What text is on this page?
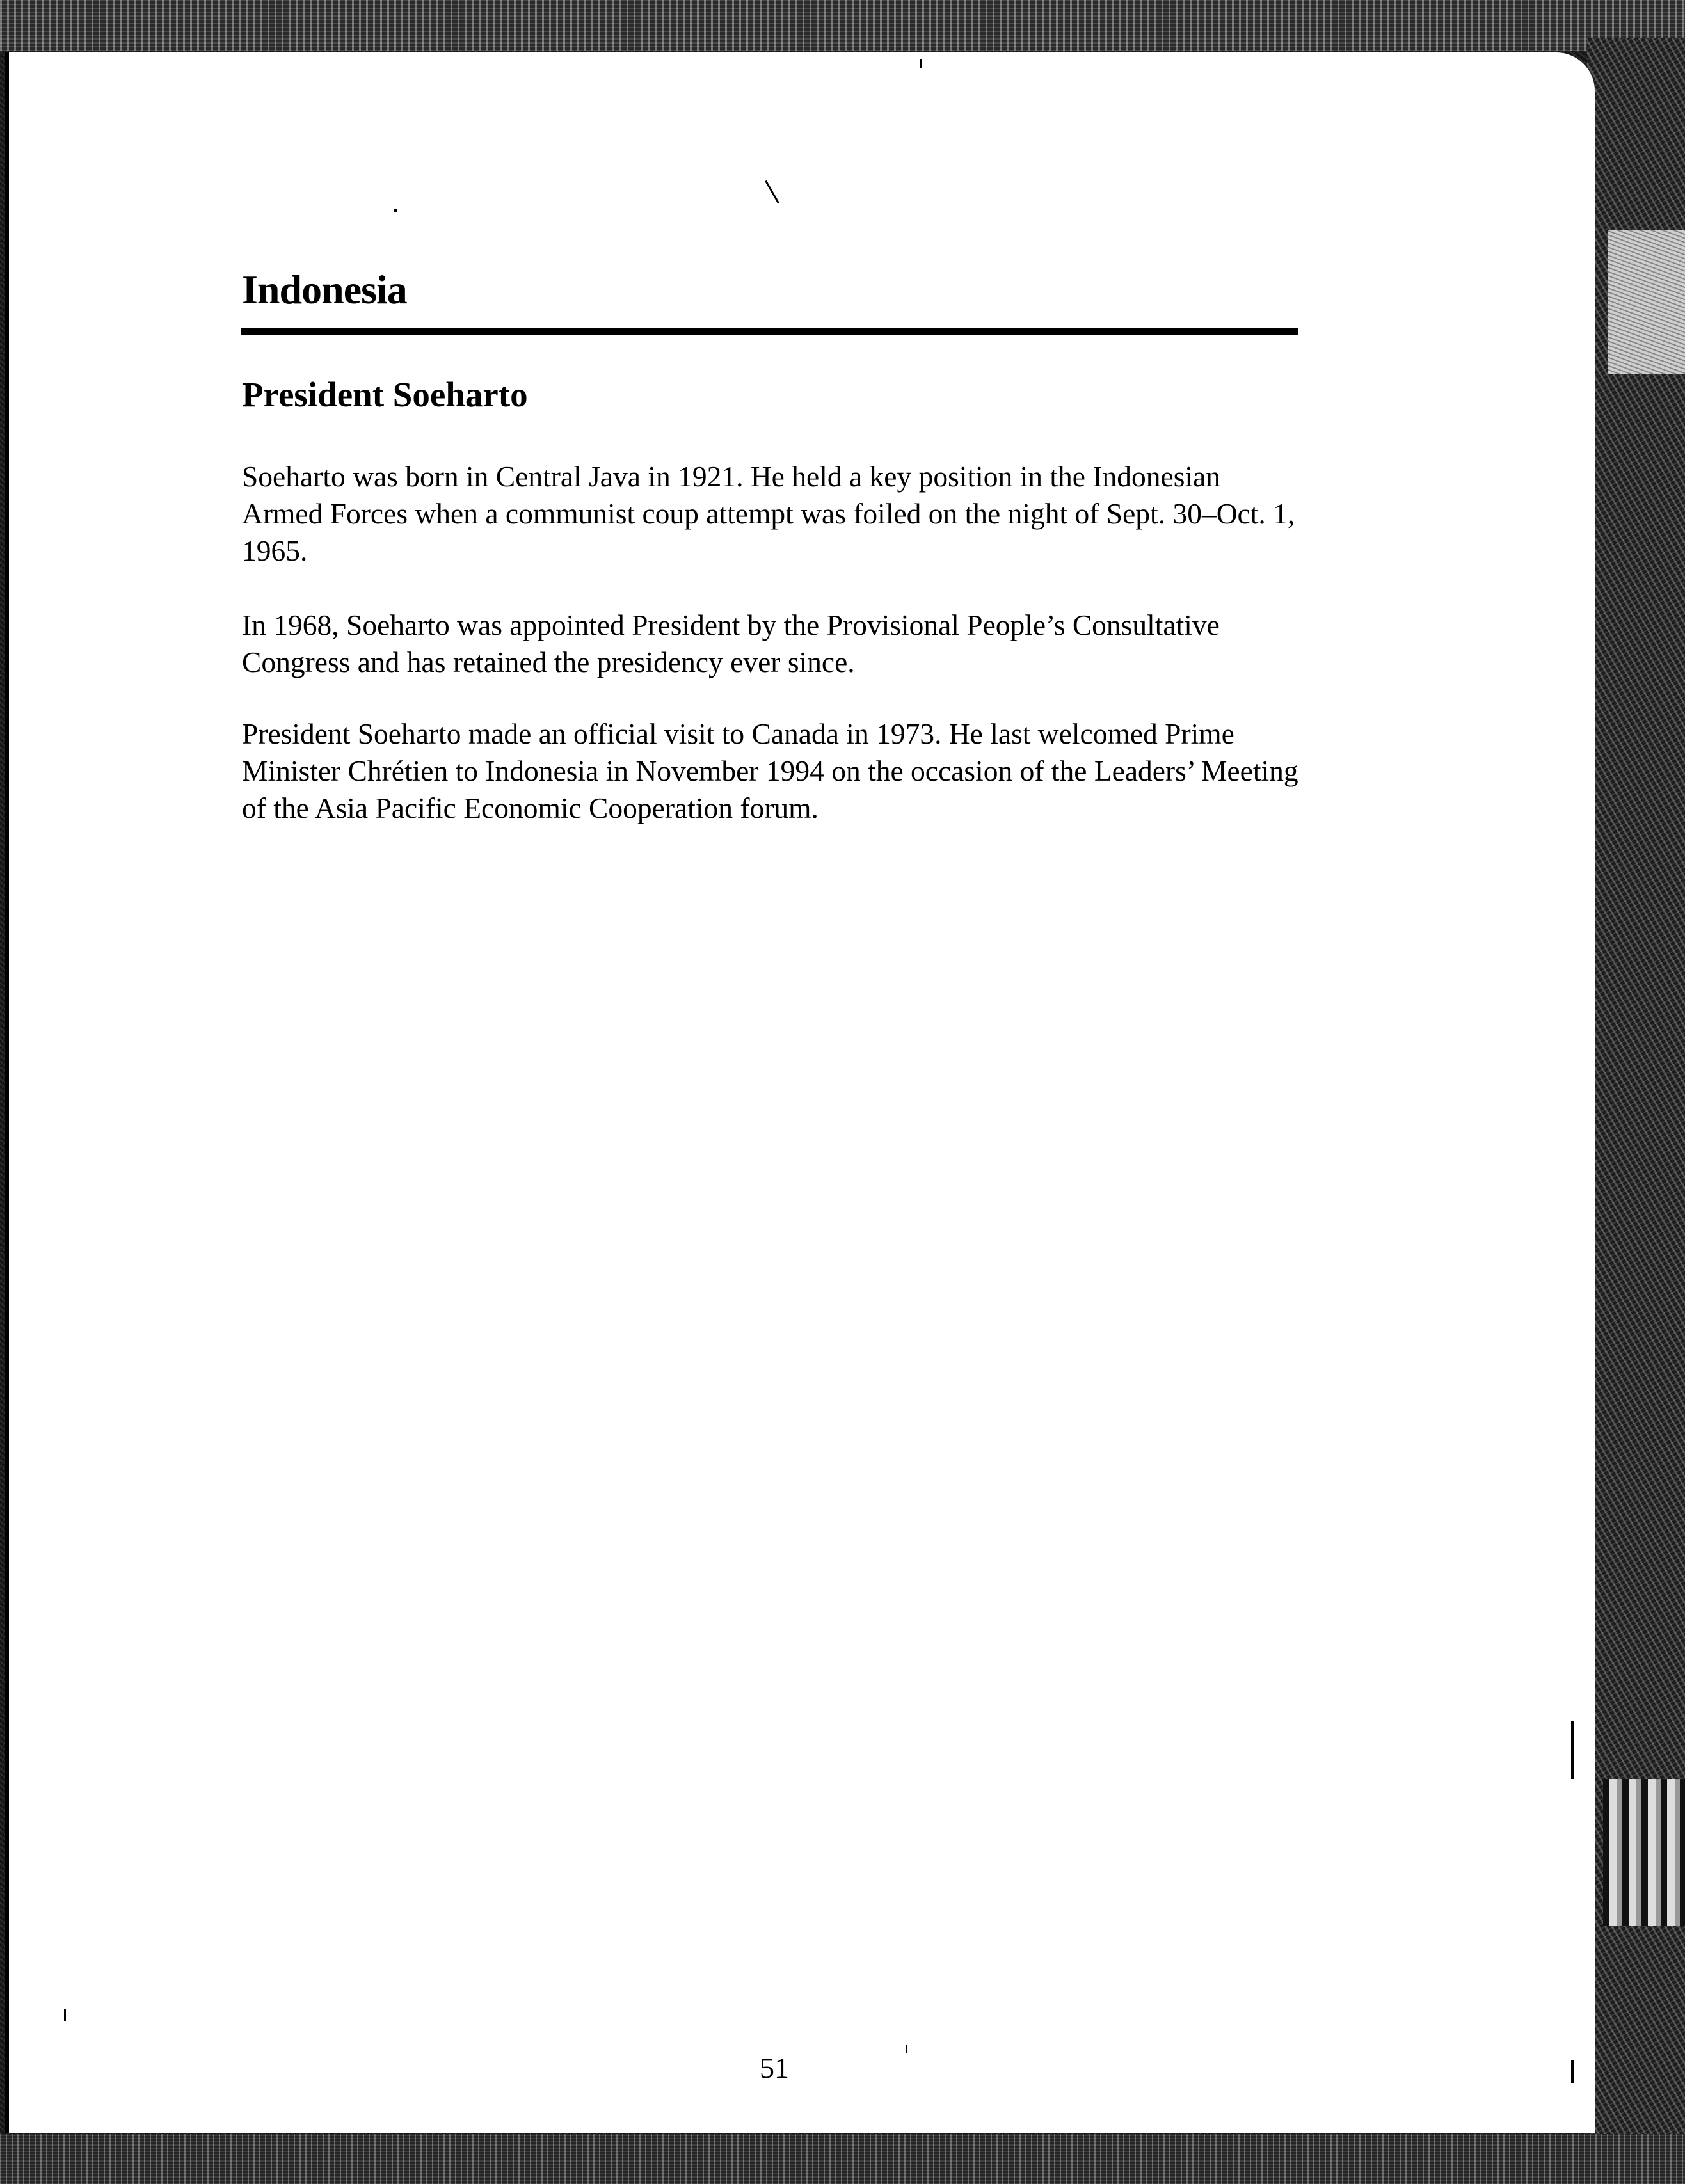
Indonesia
President Soeharto

Soeharto was born in Central Java in 1921. He held a key position in the Indonesian Armed Forces when a communist coup attempt was foiled on the night of Sept. 30–Oct. 1, 1965.

In 1968, Soeharto was appointed President by the Provisional People’s Consultative Congress and has retained the presidency ever since.

President Soeharto made an official visit to Canada in 1973. He last welcomed Prime Minister Chrétien to Indonesia in November 1994 on the occasion of the Leaders’ Meeting of the Asia Pacific Economic Cooperation forum.

51
